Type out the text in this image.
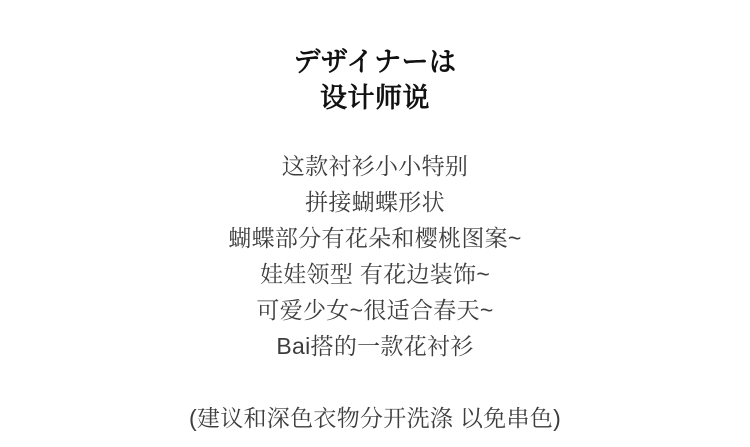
デザイナーは
设计师说
这款衬衫小小特别
拼接蝴蝶形状
蝴蝶部分有花朵和樱桃图案~
娃娃领型 有花边装饰~
可爱少女~很适合春天~
Bai搭的一款花衬衫
(建议和深色衣物分开洗涤 以免串色)
